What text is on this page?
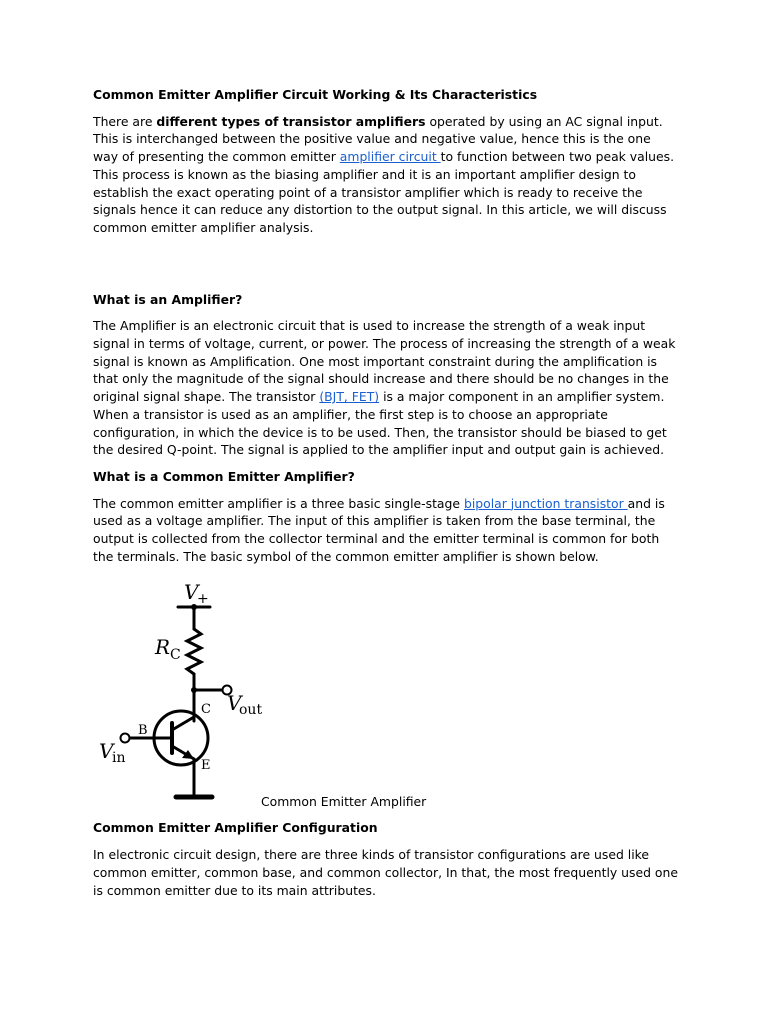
Common Emitter Amplifier Circuit Working & Its Characteristics

There are different types of transistor amplifiers operated by using an AC signal input. This is interchanged between the positive value and negative value, hence this is the one way of presenting the common emitter amplifier circuit to function between two peak values. This process is known as the biasing amplifier and it is an important amplifier design to establish the exact operating point of a transistor amplifier which is ready to receive the signals hence it can reduce any distortion to the output signal. In this article, we will discuss common emitter amplifier analysis.

What is an Amplifier?

The Amplifier is an electronic circuit that is used to increase the strength of a weak input signal in terms of voltage, current, or power. The process of increasing the strength of a weak signal is known as Amplification. One most important constraint during the amplification is that only the magnitude of the signal should increase and there should be no changes in the original signal shape. The transistor (BJT, FET) is a major component in an amplifier system. When a transistor is used as an amplifier, the first step is to choose an appropriate configuration, in which the device is to be used. Then, the transistor should be biased to get the desired Q-point. The signal is applied to the amplifier input and output gain is achieved.

What is a Common Emitter Amplifier?

The common emitter amplifier is a three basic single-stage bipolar junction transistor and is used as a voltage amplifier. The input of this amplifier is taken from the base terminal, the output is collected from the collector terminal and the emitter terminal is common for both the terminals. The basic symbol of the common emitter amplifier is shown below.

V
+
R C
V
out
V
in
B
C
E
Common Emitter Amplifier

Common Emitter Amplifier Configuration

In electronic circuit design, there are three kinds of transistor configurations are used like common emitter, common base, and common collector, In that, the most frequently used one is common emitter due to its main attributes.
